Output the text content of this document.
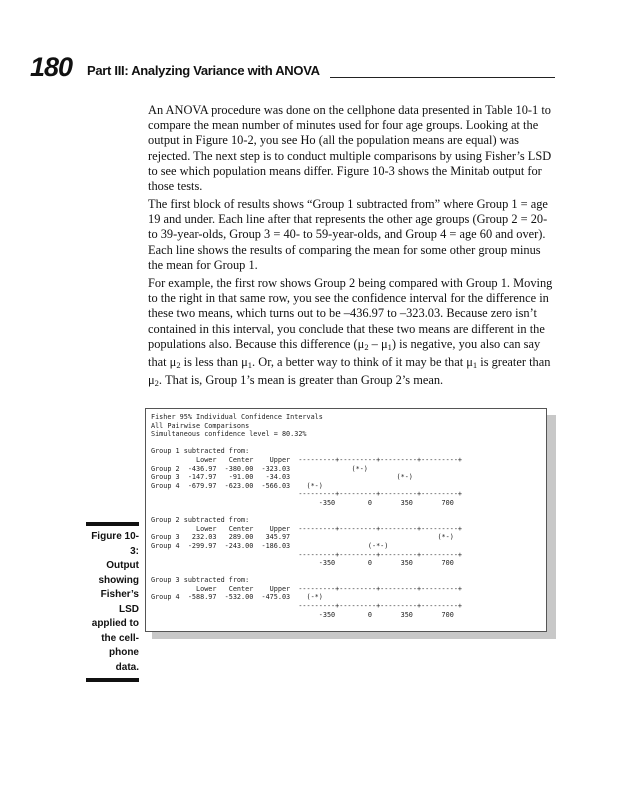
180 Part III: Analyzing Variance with ANOVA

An ANOVA procedure was done on the cellphone data presented in Table 10-1 to compare the mean number of minutes used for four age groups. Looking at the output in Figure 10-2, you see Ho (all the population means are equal) was rejected. The next step is to conduct multiple comparisons by using Fisher’s LSD to see which population means differ. Figure 10-3 shows the Minitab output for those tests.

The first block of results shows “Group 1 subtracted from” where Group 1 = age 19 and under. Each line after that represents the other age groups (Group 2 = 20- to 39-year-olds, Group 3 = 40- to 59-year-olds, and Group 4 = age 60 and over). Each line shows the results of comparing the mean for some other group minus the mean for Group 1.

For example, the first row shows Group 2 being compared with Group 1. Moving to the right in that same row, you see the confidence interval for the difference in these two means, which turns out to be –436.97 to –323.03. Because zero isn’t contained in this interval, you conclude that these two means are different in the populations also. Because this difference $(\mu_2 - \mu_1)$ is negative, you also can say that $\mu_2$ is less than $\mu_1$. Or, a better way to think of it may be that $\mu_1$ is greater than $\mu_2$. That is, Group 1’s mean is greater than Group 2’s mean.

Figure 10-3:
Output showing Fisher’s LSD applied to the cell-phone data.
Fisher 95% Individual Confidence Intervals
All Pairwise Comparisons
Simultaneous confidence level = 80.32%

Group 1 subtracted from:
Lower   Center    Upper  ---------+---------+---------+---------+
Group 2  -436.97  -380.00  -323.03               (*-)
Group 3  -147.97   -91.00   -34.03                          (*-)
Group 4  -679.97  -623.00  -566.03    (*-)
---------+---------+---------+---------+
-350        0       350       700

Group 2 subtracted from:
Lower   Center    Upper  ---------+---------+---------+---------+
Group 3   232.03   289.00   345.97                                    (*-)
Group 4  -299.97  -243.00  -186.03                   (-*-)
---------+---------+---------+---------+
-350        0       350       700

Group 3 subtracted from:
Lower   Center    Upper  ---------+---------+---------+---------+
Group 4  -588.97  -532.00  -475.03    (-*)
---------+---------+---------+---------+
-350        0       350       700
